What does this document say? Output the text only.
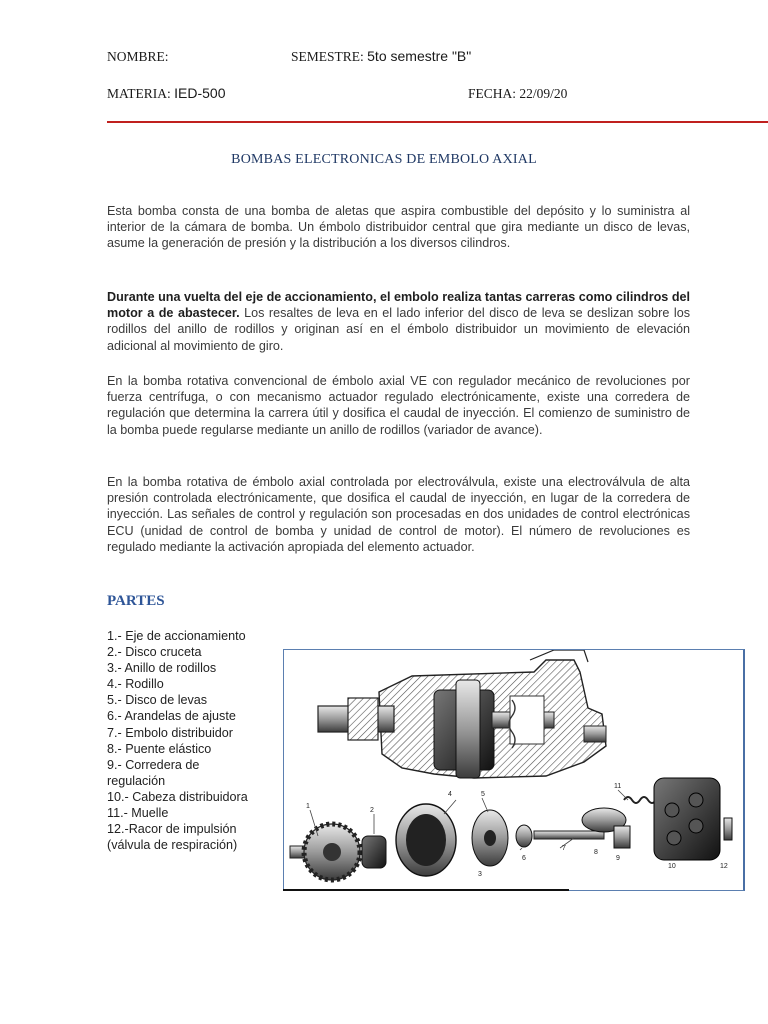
NOMBRE:	SEMESTRE: 5to semestre "B"
MATERIA: IED-500	FECHA: 22/09/20
BOMBAS ELECTRONICAS DE EMBOLO AXIAL

Esta bomba consta de una bomba de aletas que aspira combustible del depósito y lo suministra al interior de la cámara de bomba. Un émbolo distribuidor central que gira mediante un disco de levas, asume la generación de presión y la distribución a los diversos cilindros.

Durante una vuelta del eje de accionamiento, el embolo realiza tantas carreras como cilindros del motor a de abastecer. Los resaltes de leva en el lado inferior del disco de leva se deslizan sobre los rodillos del anillo de rodillos y originan así en el émbolo distribuidor un movimiento de elevación adicional al movimiento de giro.

En la bomba rotativa convencional de émbolo axial VE con regulador mecánico de revoluciones por fuerza centrífuga, o con mecanismo actuador regulado electrónicamente, existe una corredera de regulación que determina la carrera útil y dosifica el caudal de inyección. El comienzo de suministro de la bomba puede regularse mediante un anillo de rodillos (variador de avance).

En la bomba rotativa de émbolo axial controlada por electroválvula, existe una electroválvula de alta presión controlada electrónicamente, que dosifica el caudal de inyección, en lugar de la corredera de inyección. Las señales de control y regulación son procesadas en dos unidades de control electrónicas ECU (unidad de control de bomba y unidad de control de motor). El número de revoluciones es regulado mediante la activación apropiada del elemento actuador.

PARTES
1.- Eje de accionamiento
2.- Disco cruceta
3.- Anillo de rodillos
4.- Rodillo
5.- Disco de levas
6.- Arandelas de ajuste
7.- Embolo distribuidor
8.- Puente elástico
9.- Corredera de
regulación
10.- Cabeza distribuidora
11.- Muelle
12.-Racor de impulsión
(válvula de respiración)
1
2
3
4	5
6
7
8
9
10
11
12
